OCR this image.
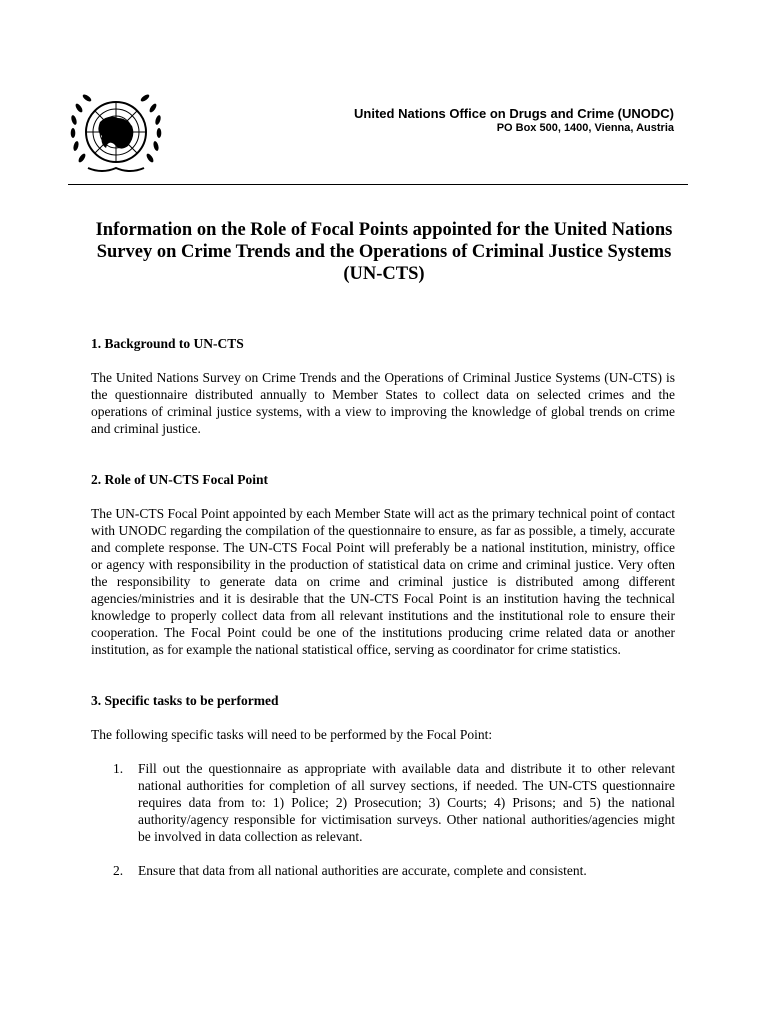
United Nations Office on Drugs and Crime (UNODC)
PO Box 500, 1400, Vienna, Austria
Information on the Role of Focal Points appointed for the United Nations Survey on Crime Trends and the Operations of Criminal Justice Systems (UN-CTS)
1. Background to UN-CTS

The United Nations Survey on Crime Trends and the Operations of Criminal Justice Systems (UN-CTS) is the questionnaire distributed annually to Member States to collect data on selected crimes and the operations of criminal justice systems, with a view to improving the knowledge of global trends on crime and criminal justice.

2. Role of UN-CTS Focal Point

The UN-CTS Focal Point appointed by each Member State will act as the primary technical point of contact with UNODC regarding the compilation of the questionnaire to ensure, as far as possible, a timely, accurate and complete response. The UN-CTS Focal Point will preferably be a national institution, ministry, office or agency with responsibility in the production of statistical data on crime and criminal justice. Very often the responsibility to generate data on crime and criminal justice is distributed among different agencies/ministries and it is desirable that the UN-CTS Focal Point is an institution having the technical knowledge to properly collect data from all relevant institutions and the institutional role to ensure their cooperation. The Focal Point could be one of the institutions producing crime related data or another institution, as for example the national statistical office, serving as coordinator for crime statistics.

3. Specific tasks to be performed

The following specific tasks will need to be performed by the Focal Point:

1. Fill out the questionnaire as appropriate with available data and distribute it to other relevant national authorities for completion of all survey sections, if needed. The UN-CTS questionnaire requires data from to: 1) Police; 2) Prosecution; 3) Courts; 4) Prisons; and 5) the national authority/agency responsible for victimisation surveys. Other national authorities/agencies might be involved in data collection as relevant.
2. Ensure that data from all national authorities are accurate, complete and consistent.
